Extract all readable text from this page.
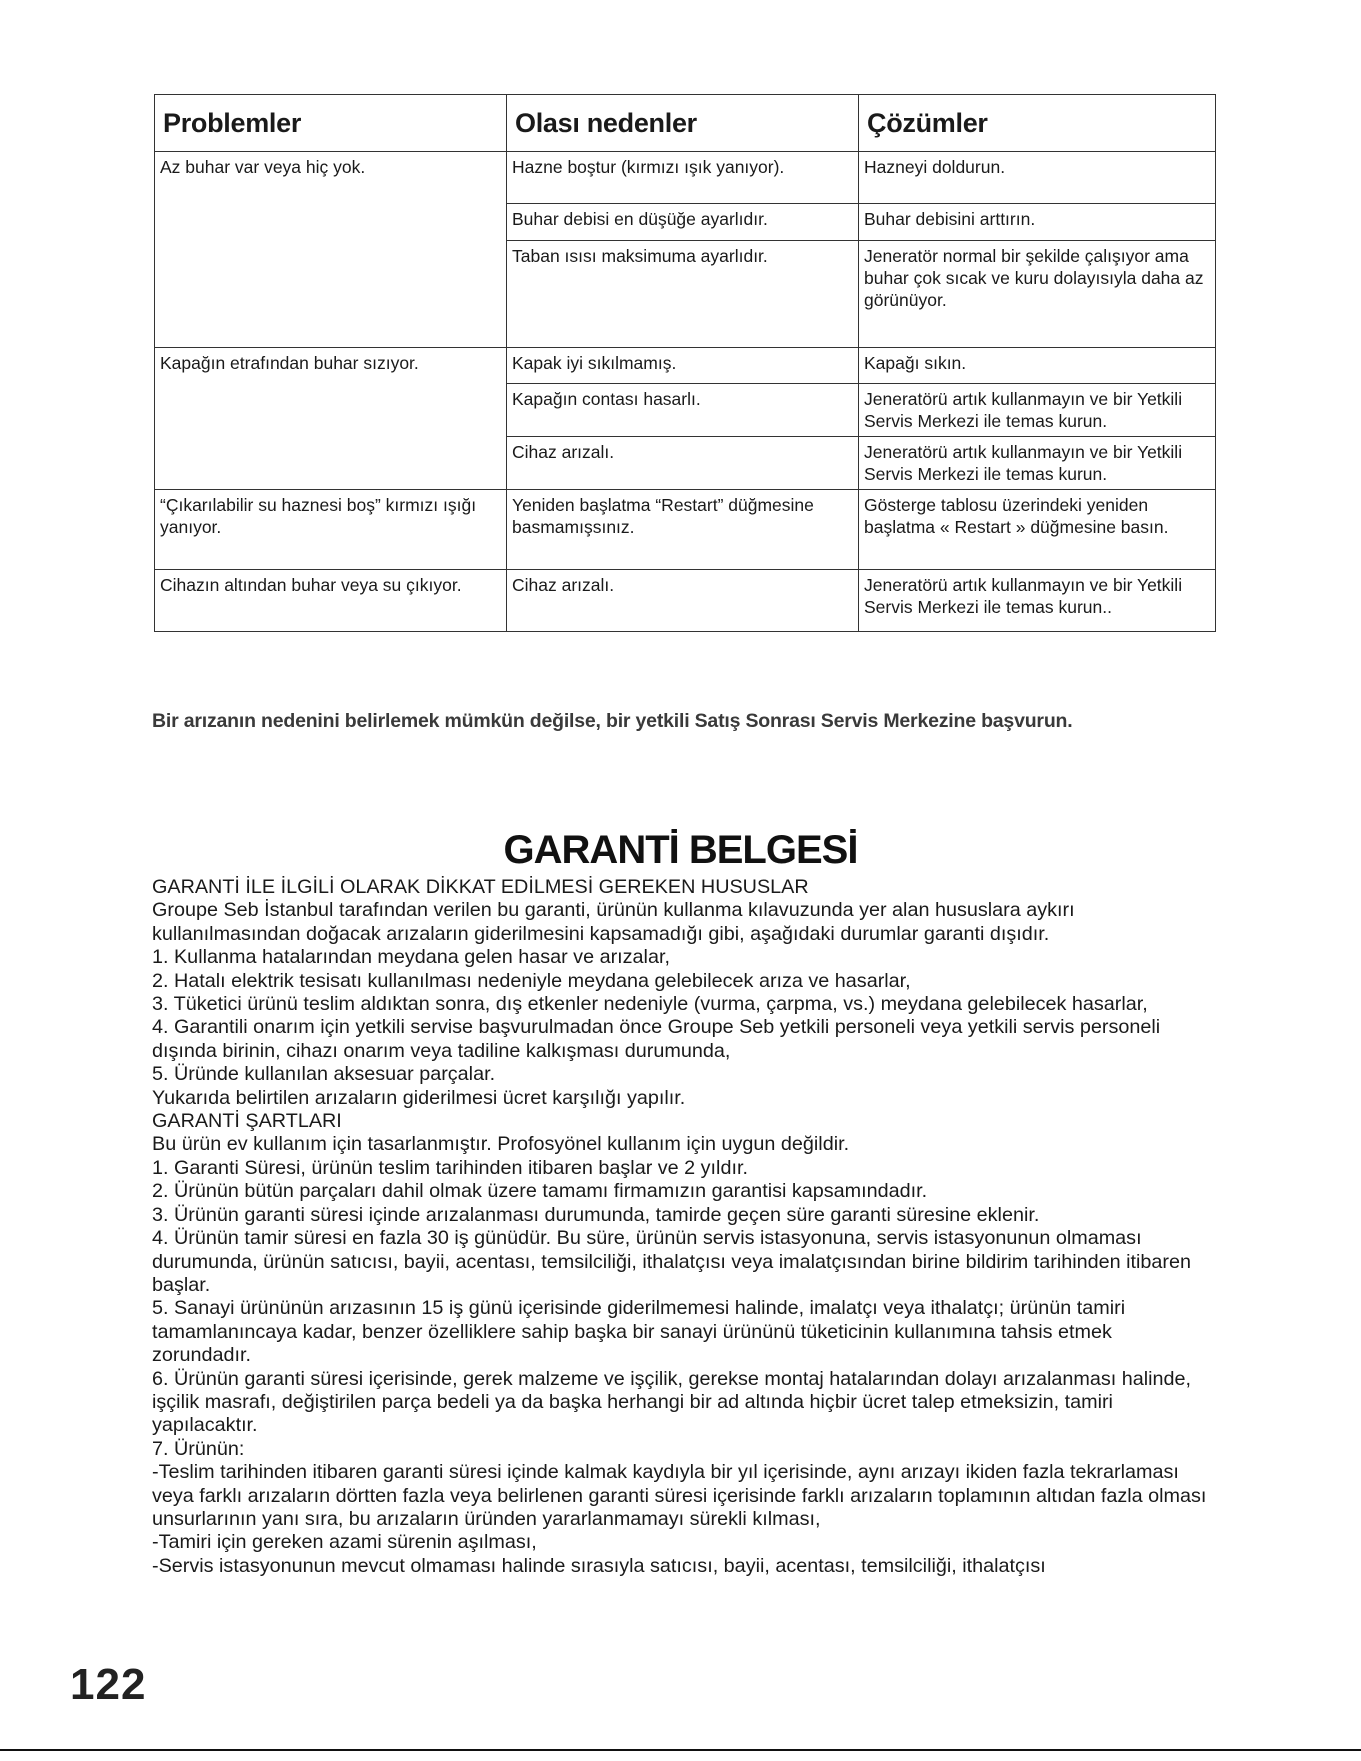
Problemler	Olası nedenler	Çözümler
Az buhar var veya hiç yok.	Hazne boştur (kırmızı ışık yanıyor).	Hazneyi doldurun.
	Buhar debisi en düşüğe ayarlıdır.	Buhar debisini arttırın.
	Taban ısısı maksimuma ayarlıdır.	Jeneratör normal bir şekilde çalışıyor ama buhar çok sıcak ve kuru dolayısıyla daha az görünüyor.
Kapağın etrafından buhar sızıyor.	Kapak iyi sıkılmamış.	Kapağı sıkın.
	Kapağın contası hasarlı.	Jeneratörü artık kullanmayın ve bir Yetkili Servis Merkezi ile temas kurun.
	Cihaz arızalı.	Jeneratörü artık kullanmayın ve bir Yetkili Servis Merkezi ile temas kurun.
“Çıkarılabilir su haznesi boş” kırmızı ışığı yanıyor.	Yeniden başlatma “Restart” düğmesine basmamışsınız.	Gösterge tablosu üzerindeki yeniden başlatma « Restart » düğmesine basın.
Cihazın altından buhar veya su çıkıyor.	Cihaz arızalı.	Jeneratörü artık kullanmayın ve bir Yetkili Servis Merkezi ile temas kurun..
Bir arızanın nedenini belirlemek mümkün değilse, bir yetkili Satış Sonrası Servis Merkezine başvurun.
GARANTİ BELGESİ

GARANTİ İLE İLGİLİ OLARAK DİKKAT EDİLMESİ GEREKEN HUSUSLAR

Groupe Seb İstanbul tarafından verilen bu garanti, ürünün kullanma kılavuzunda yer alan hususlara aykırı kullanılmasından doğacak arızaların giderilmesini kapsamadığı gibi, aşağıdaki durumlar garanti dışıdır.

1. Kullanma hatalarından meydana gelen hasar ve arızalar,

2. Hatalı elektrik tesisatı kullanılması nedeniyle meydana gelebilecek arıza ve hasarlar,

3. Tüketici ürünü teslim aldıktan sonra, dış etkenler nedeniyle (vurma, çarpma, vs.) meydana gelebilecek hasarlar,

4. Garantili onarım için yetkili servise başvurulmadan önce Groupe Seb yetkili personeli veya yetkili servis personeli dışında birinin, cihazı onarım veya tadiline kalkışması durumunda,

5. Üründe kullanılan aksesuar parçalar.

Yukarıda belirtilen arızaların giderilmesi ücret karşılığı yapılır.

GARANTİ ŞARTLARI

Bu ürün ev kullanım için tasarlanmıştır. Profosyönel kullanım için uygun değildir.

1. Garanti Süresi, ürünün teslim tarihinden itibaren başlar ve 2 yıldır.

2. Ürünün bütün parçaları dahil olmak üzere tamamı firmamızın garantisi kapsamındadır.

3. Ürünün garanti süresi içinde arızalanması durumunda, tamirde geçen süre garanti süresine eklenir.

4. Ürünün tamir süresi en fazla 30 iş günüdür. Bu süre, ürünün servis istasyonuna, servis istasyonunun olmaması durumunda, ürünün satıcısı, bayii, acentası, temsilciliği, ithalatçısı veya imalatçısından birine bildirim tarihinden itibaren başlar.

5. Sanayi ürününün arızasının 15 iş günü içerisinde giderilmemesi halinde, imalatçı veya ithalatçı; ürünün tamiri tamamlanıncaya kadar, benzer özelliklere sahip başka bir sanayi ürününü tüketicinin kullanımına tahsis etmek zorundadır.

6. Ürünün garanti süresi içerisinde, gerek malzeme ve işçilik, gerekse montaj hatalarından dolayı arızalanması halinde, işçilik masrafı, değiştirilen parça bedeli ya da başka herhangi bir ad altında hiçbir ücret talep etmeksizin, tamiri yapılacaktır.

7. Ürünün:

-Teslim tarihinden itibaren garanti süresi içinde kalmak kaydıyla bir yıl içerisinde, aynı arızayı ikiden fazla tekrarlaması veya farklı arızaların dörtten fazla veya belirlenen garanti süresi içerisinde farklı arızaların toplamının altıdan fazla olması unsurlarının yanı sıra, bu arızaların üründen yararlanmamayı sürekli kılması,

-Tamiri için gereken azami sürenin aşılması,

-Servis istasyonunun mevcut olmaması halinde sırasıyla satıcısı, bayii, acentası, temsilciliği, ithalatçısı

122
